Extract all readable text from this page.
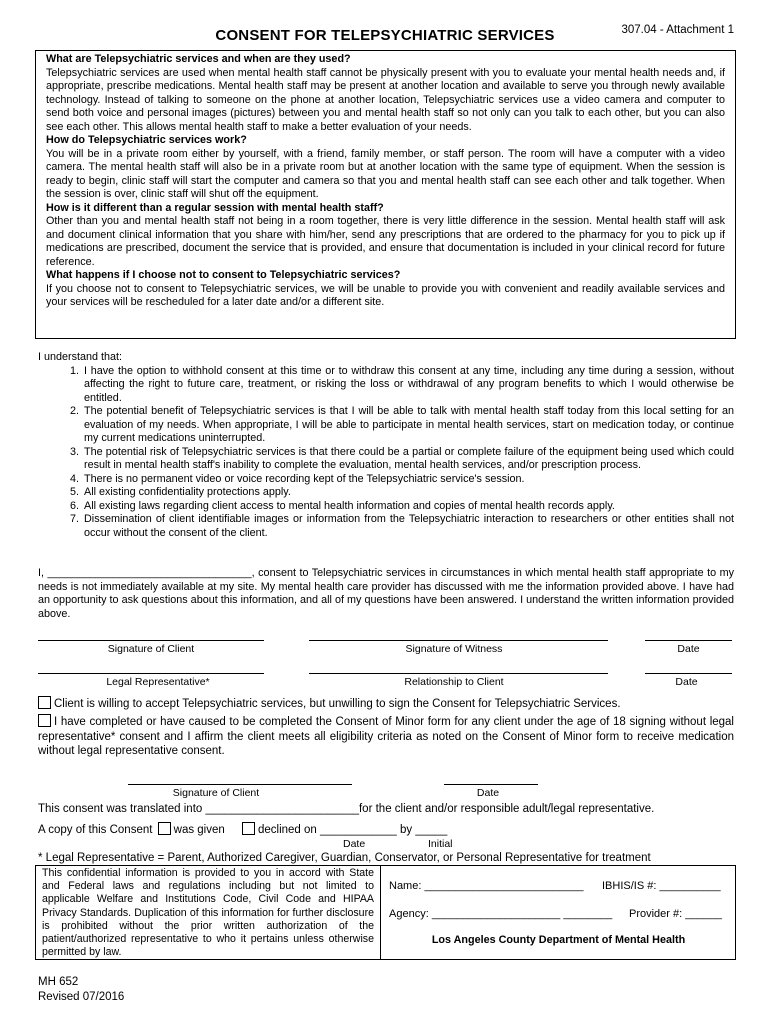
CONSENT FOR TELEPSYCHIATRIC SERVICES	307.04 - Attachment 1

What are Telepsychiatric services and when are they used?

Telepsychiatric services are used when mental health staff cannot be physically present with you to evaluate your mental health needs and, if appropriate, prescribe medications. Mental health staff may be present at another location and available to serve you through newly available technology. Instead of talking to someone on the phone at another location, Telepsychiatric services use a video camera and computer to send both voice and personal images (pictures) between you and mental health staff so not only can you talk to each other, but you can also see each other. This allows mental health staff to make a better evaluation of your needs.

How do Telepsychiatric services work?

You will be in a private room either by yourself, with a friend, family member, or staff person. The room will have a computer with a video camera. The mental health staff will also be in a private room but at another location with the same type of equipment. When the session is ready to begin, clinic staff will start the computer and camera so that you and mental health staff can see each other and talk together. When the session is over, clinic staff will shut off the equipment.

How is it different than a regular session with mental health staff?

Other than you and mental health staff not being in a room together, there is very little difference in the session. Mental health staff will ask and document clinical information that you share with him/her, send any prescriptions that are ordered to the pharmacy for you to pick up if medications are prescribed, document the service that is provided, and ensure that documentation is included in your clinical record for future reference.

What happens if I choose not to consent to Telepsychiatric services?

If you choose not to consent to Telepsychiatric services, we will be unable to provide you with convenient and readily available services and your services will be rescheduled for a later date and/or a different site.

I understand that:
1. I have the option to withhold consent at this time or to withdraw this consent at any time, including any time during a session, without affecting the right to future care, treatment, or risking the loss or withdrawal of any program benefits to which I would otherwise be entitled.
2. The potential benefit of Telepsychiatric services is that I will be able to talk with mental health staff today from this local setting for an evaluation of my needs. When appropriate, I will be able to participate in mental health services, start on medication today, or continue my current medications uninterrupted.
3. The potential risk of Telepsychiatric services is that there could be a partial or complete failure of the equipment being used which could result in mental health staff's inability to complete the evaluation, mental health services, and/or prescription process.
4. There is no permanent video or voice recording kept of the Telepsychiatric service's session.
5. All existing confidentiality protections apply.
6. All existing laws regarding client access to mental health information and copies of mental health records apply.
7. Dissemination of client identifiable images or information from the Telepsychiatric interaction to researchers or other entities shall not occur without the consent of the client.
I, __________________________________, consent to Telepsychiatric services in circumstances in which mental health staff appropriate to my needs is not immediately available at my site. My mental health care provider has discussed with me the information provided above. I have had an opportunity to ask questions about this information, and all of my questions have been answered. I understand the written information provided above.
Signature of Client	Signature of Witness	Date
Legal Representative*	Relationship to Client	Date
Client is willing to accept Telepsychiatric services, but unwilling to sign the Consent for Telepsychiatric Services.
I have completed or have caused to be completed the Consent of Minor form for any client under the age of 18 signing without legal representative* consent and I affirm the client meets all eligibility criteria as noted on the Consent of Minor form to receive medication without legal representative consent.
Signature of Client	Date
This consent was translated into ________________________for the client and/or responsible adult/legal representative.
A copy of this Consent was given	declined on ____________ by _____
Date	Initial
* Legal Representative = Parent, Authorized Caregiver, Guardian, Conservator, or Personal Representative for treatment
This confidential information is provided to you in accord with State and Federal laws and regulations including but not limited to applicable Welfare and Institutions Code, Civil Code and HIPAA Privacy Standards. Duplication of this information for further disclosure is prohibited without the prior written authorization of the patient/authorized representative to who it pertains unless otherwise permitted by law.
Name: __________________________ IBHIS/IS #: __________
Agency: _____________________ ________ Provider #: ______
Los Angeles County Department of Mental Health
MH 652
Revised 07/2016
